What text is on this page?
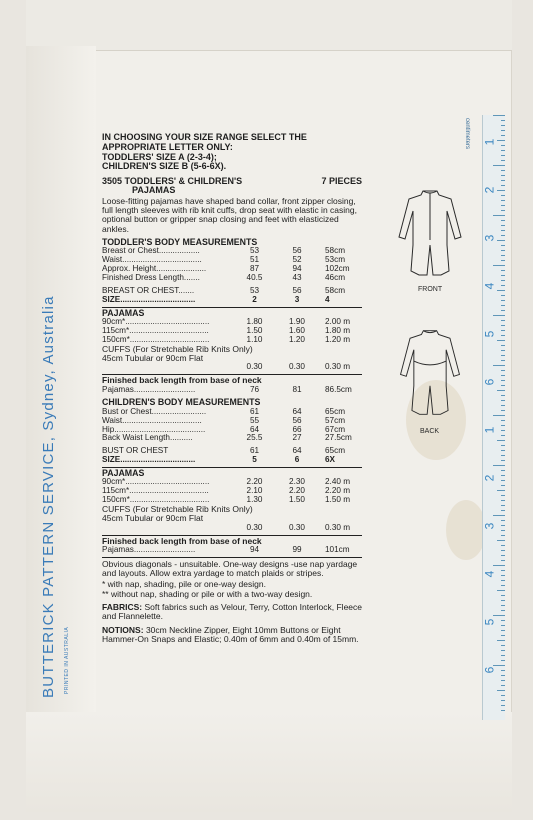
BUTTERICK PATTERN SERVICE, Sydney, Australia PRINTED IN AUSTRALIA
centimeters 1
2
3
4
5
6
1
2
3
4
5
6
IN CHOOSING YOUR SIZE RANGE SELECT THE
APPROPRIATE LETTER ONLY:
TODDLERS' SIZE A (2-3-4);
CHILDREN'S SIZE B (5-6-6X).
3505 TODDLERS' & CHILDREN'S	7 PIECES
PAJAMAS
Loose-fitting pajamas have shaped band collar, front zipper closing, full length sleeves with rib knit cuffs, drop seat with elastic in casing, optional button or gripper snap closing and feet with elasticized ankles.
TODDLER'S BODY MEASUREMENTS
Breast or Chest..................	53	56	58cm
Waist...................................	51	52	53cm
Approx. Height......................	87	94	102cm
Finished Dress Length.......	40.5	43	46cm
BREAST OR CHEST.......	53	56	58cm
SIZE.................................	2	3	4
PAJAMAS
90cm*.....................................	1.80	1.90	2.00 m
115cm*...................................	1.50	1.60	1.80 m
150cm*...................................	1.10	1.20	1.20 m
CUFFS (For Stretchable Rib Knits Only)
45cm Tubular or 90cm Flat
	0.30	0.30	0.30 m
Finished back length from base of neck
Pajamas...........................	76	81	86.5cm
CHILDREN'S BODY MEASUREMENTS
Bust or Chest........................	61	64	65cm
Waist...................................	55	56	57cm
Hip........................................	64	66	67cm
Back Waist Length..........	25.5	27	27.5cm
BUST OR CHEST	61	64	65cm
SIZE.................................	5	6	6X
PAJAMAS
90cm*.....................................	2.20	2.30	2.40 m
115cm*...................................	2.10	2.20	2.20 m
150cm*...................................	1.30	1.50	1.50 m
CUFFS (For Stretchable Rib Knits Only)
45cm Tubular or 90cm Flat
	0.30	0.30	0.30 m
Finished back length from base of neck
Pajamas...........................	94	99	101cm
Obvious diagonals - unsuitable. One-way designs -use nap yardage and layouts. Allow extra yardage to match plaids or stripes.
* with nap, shading, pile or one-way design.
** without nap, shading or pile or with a two-way design.
FABRICS: Soft fabrics such as Velour, Terry, Cotton Interlock, Fleece and Flannelette.
NOTIONS: 30cm Neckline Zipper, Eight 10mm Buttons or Eight Hammer-On Snaps and Elastic; 0.40m of 6mm and 0.40m of 15mm.
FRONT
BACK
